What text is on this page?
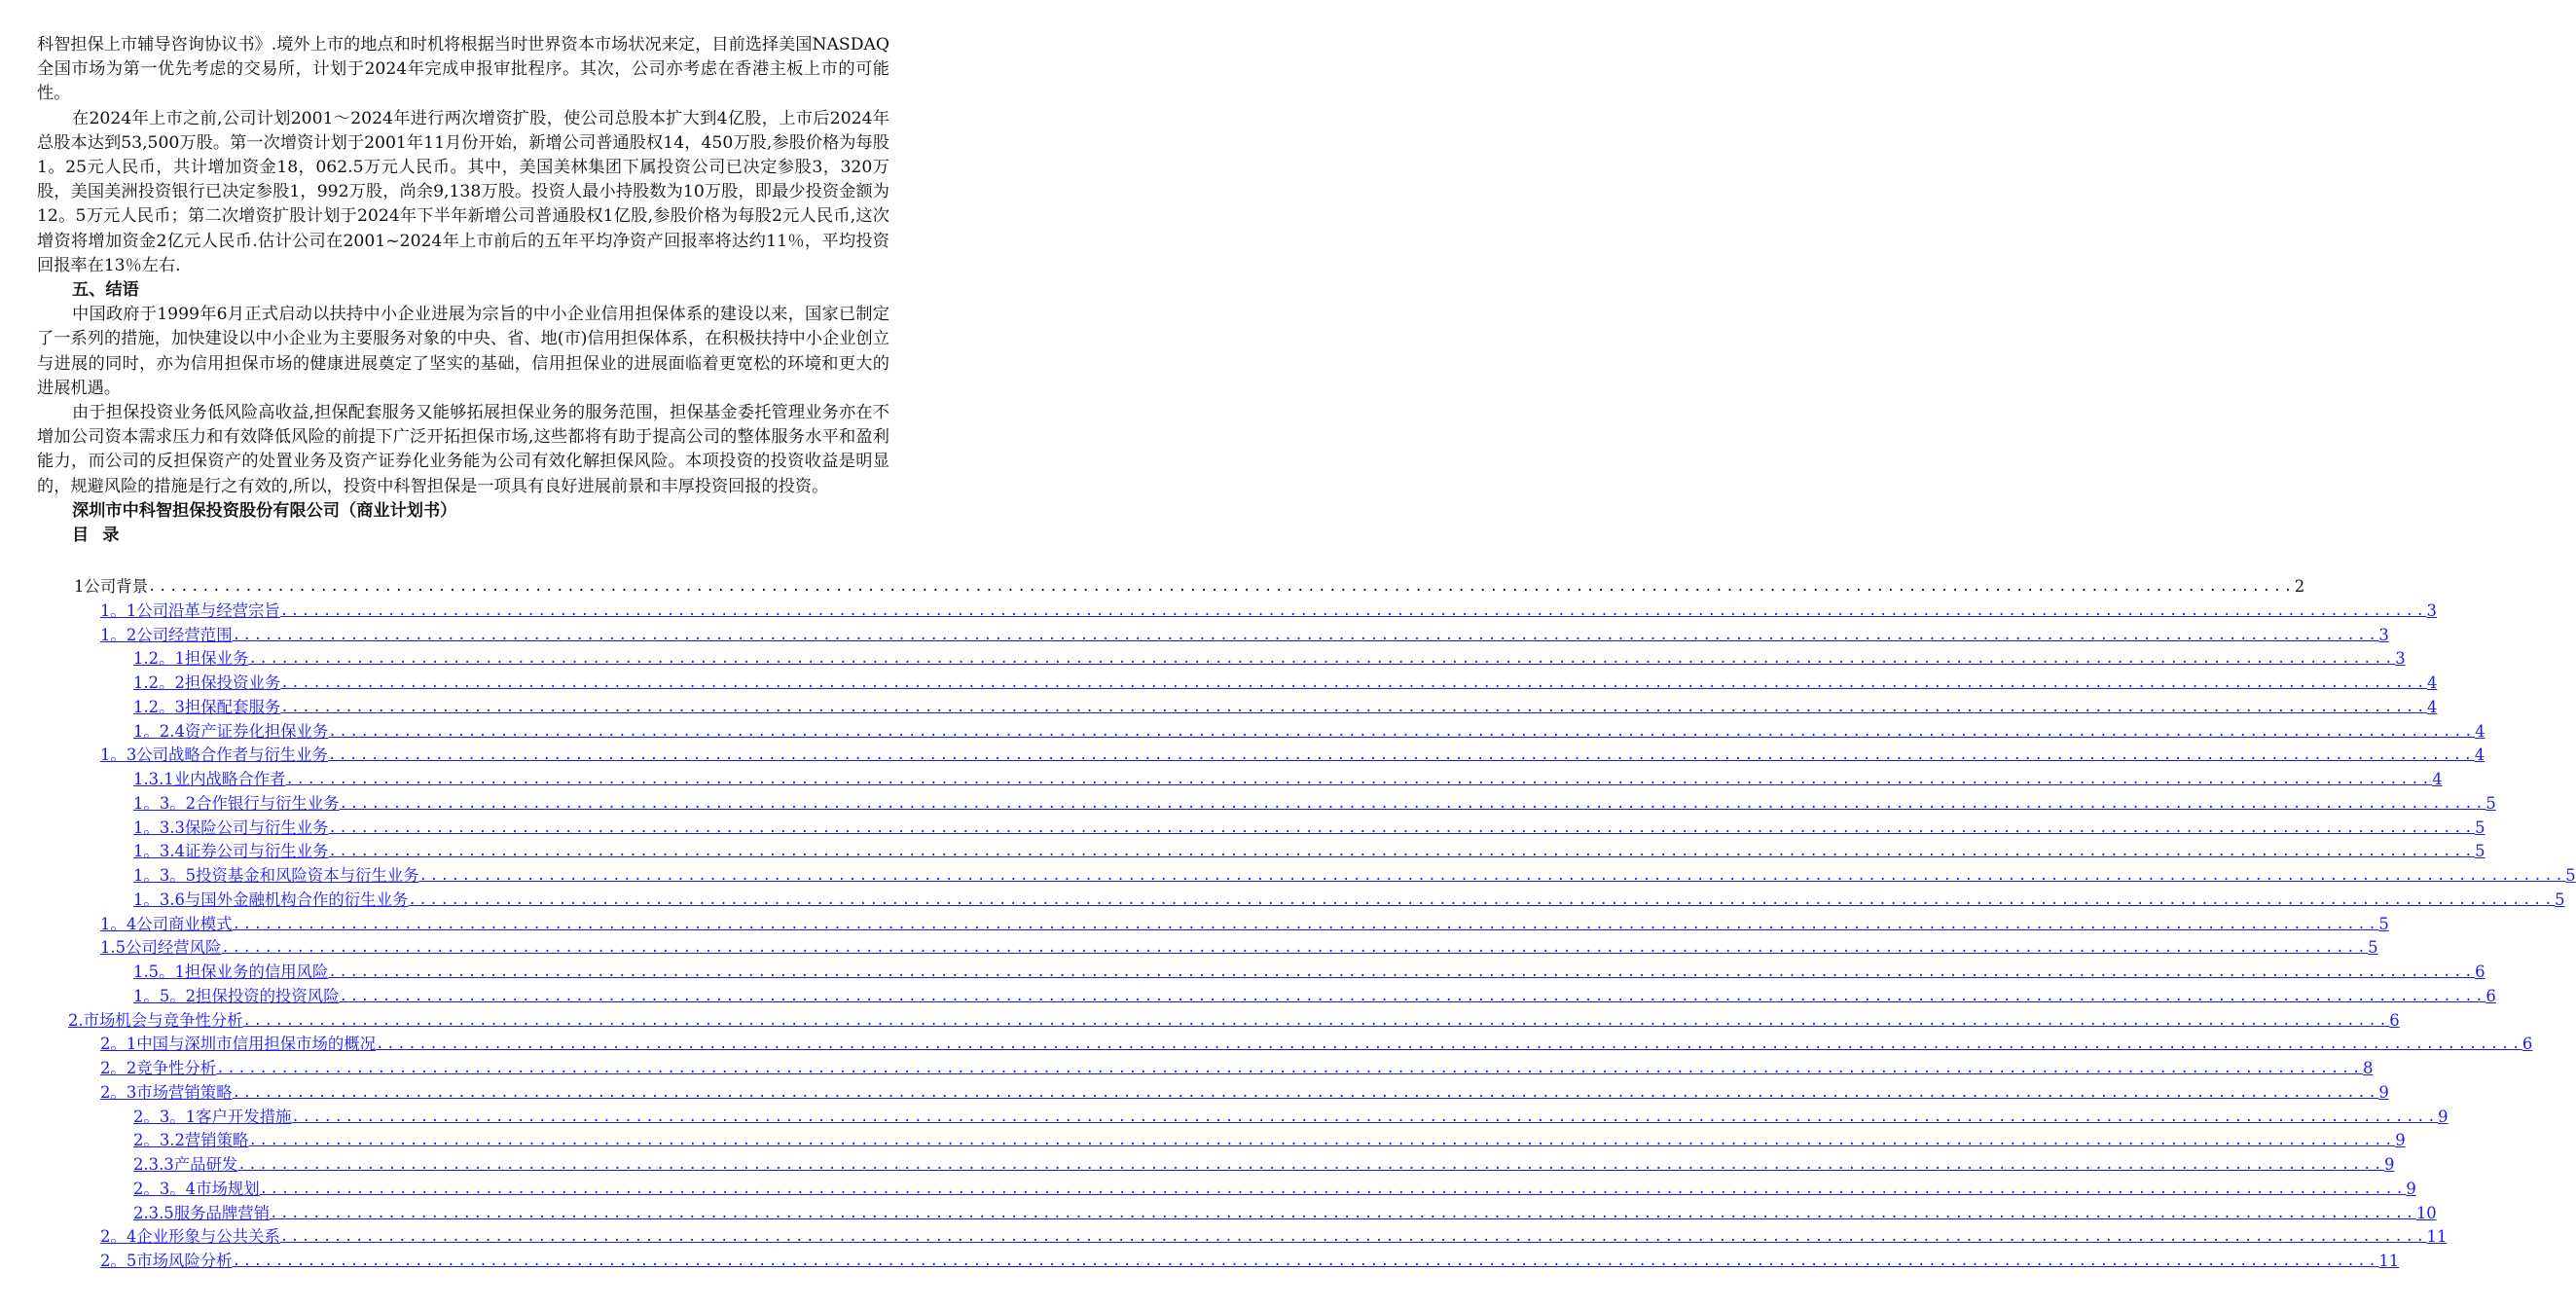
科智担保上市辅导咨询协议书》.境外上市的地点和时机将根据当时世界资本市场状况来定，目前选择美国NASDAQ全国市场为第一优先考虑的交易所，计划于2024年完成申报审批程序。其次，公司亦考虑在香港主板上市的可能性。

在2024年上市之前,公司计划2001～2024年进行两次增资扩股，使公司总股本扩大到4亿股，上市后2024年总股本达到53,500万股。第一次增资计划于2001年11月份开始，新增公司普通股权14，450万股,参股价格为每股1。25元人民币，共计增加资金18，062.5万元人民币。其中，美国美林集团下属投资公司已决定参股3，320万股，美国美洲投资银行已决定参股1，992万股，尚余9,138万股。投资人最小持股数为10万股，即最少投资金额为12。5万元人民币；第二次增资扩股计划于2024年下半年新增公司普通股权1亿股,参股价格为每股2元人民币,这次增资将增加资金2亿元人民币.估计公司在2001~2024年上市前后的五年平均净资产回报率将达约11％，平均投资回报率在13％左右.

五、结语

中国政府于1999年6月正式启动以扶持中小企业进展为宗旨的中小企业信用担保体系的建设以来，国家已制定了一系列的措施，加快建设以中小企业为主要服务对象的中央、省、地(市)信用担保体系，在积极扶持中小企业创立与进展的同时，亦为信用担保市场的健康进展奠定了坚实的基础，信用担保业的进展面临着更宽松的环境和更大的进展机遇。

由于担保投资业务低风险高收益,担保配套服务又能够拓展担保业务的服务范围，担保基金委托管理业务亦在不增加公司资本需求压力和有效降低风险的前提下广泛开拓担保市场,这些都将有助于提高公司的整体服务水平和盈利能力，而公司的反担保资产的处置业务及资产证券化业务能为公司有效化解担保风险。本项投资的投资收益是明显的，规避风险的措施是行之有效的,所以，投资中科智担保是一项具有良好进展前景和丰厚投资回报的投资。

深圳市中科智担保投资股份有限公司（商业计划书）

目 录

1公司背景 ........................................................................................................................................................................................................ 2
1。1公司沿革与经营宗旨 ........................................................................................................................................................................................................ 3
1。2公司经营范围 ........................................................................................................................................................................................................ 3
1.2。1担保业务 ........................................................................................................................................................................................................ 3
1.2。2担保投资业务 ........................................................................................................................................................................................................ 4
1.2。3担保配套服务 ........................................................................................................................................................................................................ 4
1。2.4资产证券化担保业务 ........................................................................................................................................................................................................ 4
1。3公司战略合作者与衍生业务 ........................................................................................................................................................................................................ 4
1.3.1业内战略合作者 ........................................................................................................................................................................................................ 4
1。3。2合作银行与衍生业务 ........................................................................................................................................................................................................ 5
1。3.3保险公司与衍生业务 ........................................................................................................................................................................................................ 5
1。3.4证券公司与衍生业务 ........................................................................................................................................................................................................ 5
1。3。5投资基金和风险资本与衍生业务 ........................................................................................................................................................................................................ 5
1。3.6与国外金融机构合作的衍生业务 ........................................................................................................................................................................................................ 5
1。4公司商业模式 ........................................................................................................................................................................................................ 5
1.5公司经营风险 ........................................................................................................................................................................................................ 5
1.5。1担保业务的信用风险 ........................................................................................................................................................................................................ 6
1。5。2担保投资的投资风险 ........................................................................................................................................................................................................ 6
2.市场机会与竞争性分析 ........................................................................................................................................................................................................ 6
2。1中国与深圳市信用担保市场的概况 ........................................................................................................................................................................................................ 6
2。2竞争性分析 ........................................................................................................................................................................................................ 8
2。3市场营销策略 ........................................................................................................................................................................................................ 9
2。3。1客户开发措施 ........................................................................................................................................................................................................ 9
2。3.2营销策略 ........................................................................................................................................................................................................ 9
2.3.3产品研发 ........................................................................................................................................................................................................ 9
2。3。4市场规划 ........................................................................................................................................................................................................ 9
2.3.5服务品牌营销 ........................................................................................................................................................................................................ 10
2。4企业形象与公共关系 ........................................................................................................................................................................................................ 11
2。5市场风险分析 ........................................................................................................................................................................................................ 11
